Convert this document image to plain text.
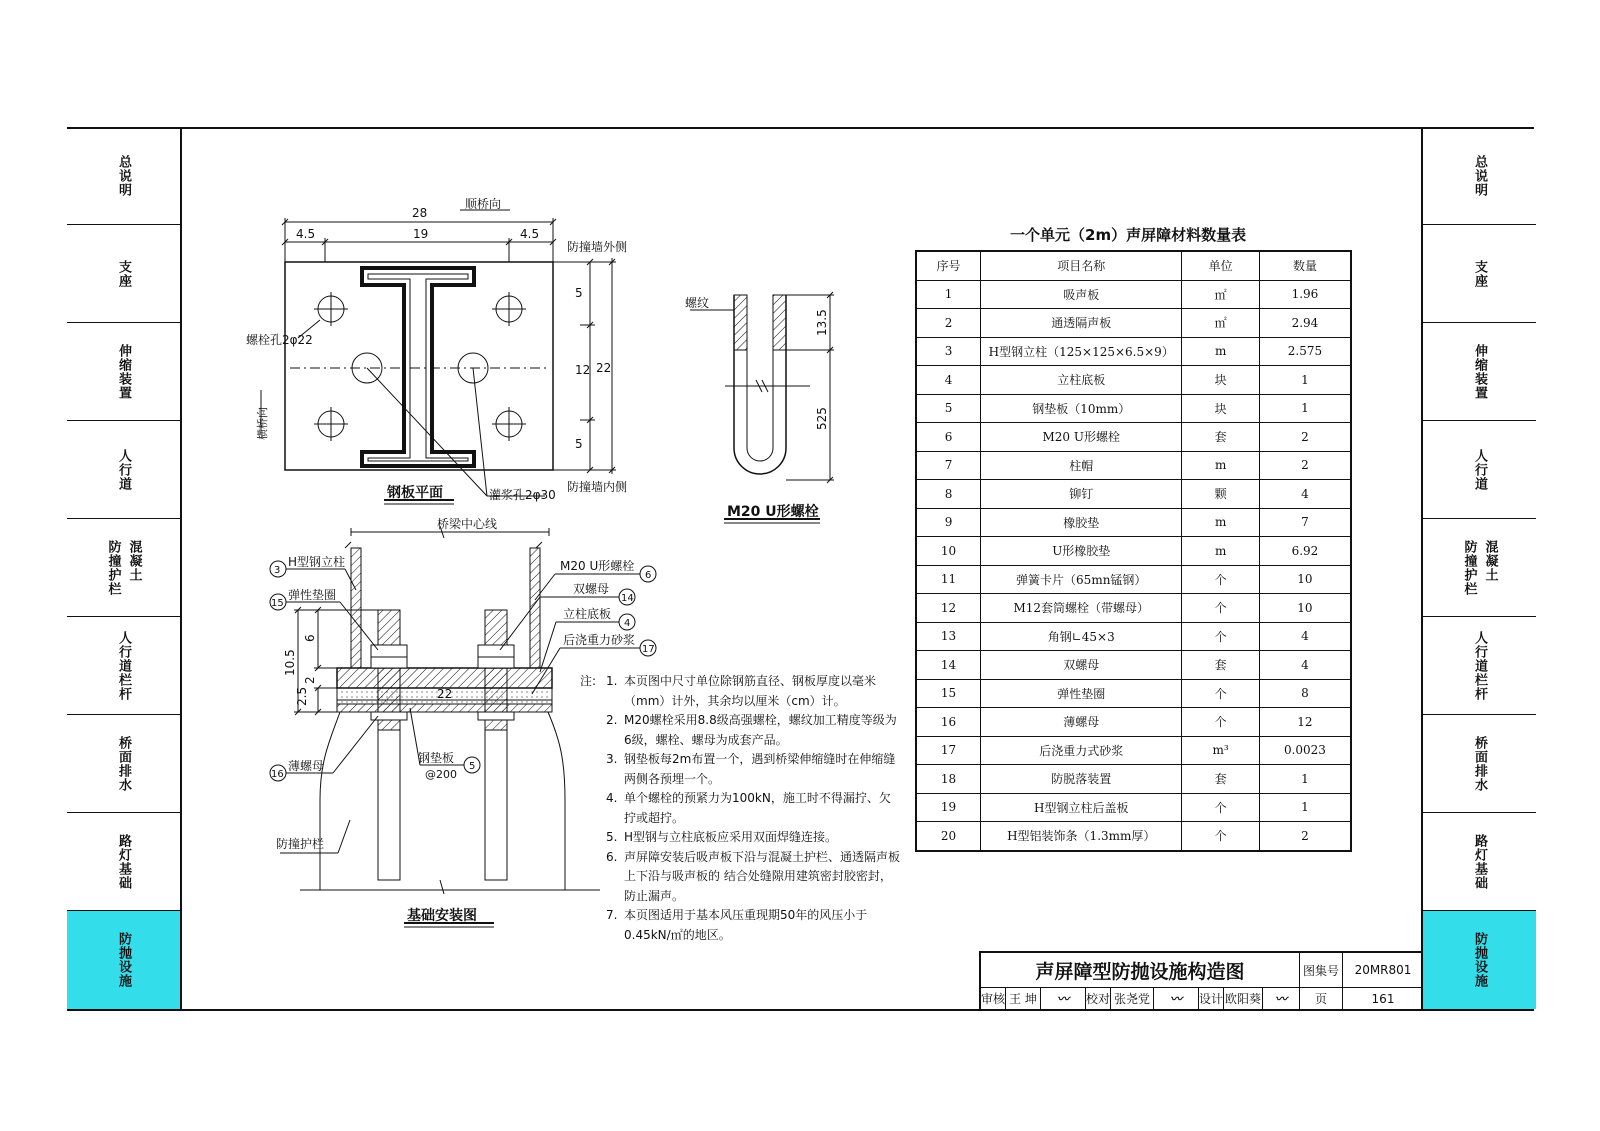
总说明
支座
伸缩装置
人行道
混凝土
防撞护栏
人行道栏杆
桥面排水
路灯基础
防抛设施
总说明
支座
伸缩装置
人行道
混凝土
防撞护栏
人行道栏杆
桥面排水
路灯基础
防抛设施
28
顺桥向
4.5	19	4.5
防撞墙外侧
防撞墙内侧
5
12
5
22
螺栓孔2φ22
灌浆孔2φ30
横桥向
钢板平面
螺纹
13.5
525
M20 U形螺栓
桥梁中心线
10.5
6
2.5
2
22
3
H型钢立柱
15
弹性垫圈
16
薄螺母
6
M20 U形螺栓
14
双螺母
4
立柱底板
17
后浇重力砂浆
5
钢垫板
@200
防撞护栏
基础安装图
一个单元（2m）声屏障材料数量表
序号	项目名称	单位	数量
1	吸声板	㎡	1.96
2	通透隔声板	㎡	2.94
3	H型钢立柱（125×125×6.5×9）	m	2.575
4	立柱底板	块	1
5	钢垫板（10mm）	块	1
6	M20 U形螺栓	套	2
7	柱帽	m	2
8	铆钉	颗	4
9	橡胶垫	m	7
10	U形橡胶垫	m	6.92
11	弹簧卡片（65mn锰钢）	个	10
12	M12套筒螺栓（带螺母）	个	10
13	角钢∟45×3	个	4
14	双螺母	套	4
15	弹性垫圈	个	8
16	薄螺母	个	12
17	后浇重力式砂浆	m³	0.0023
18	防脱落装置	套	1
19	H型钢立柱后盖板	个	1
20	H型铝装饰条（1.3mm厚）	个	2
注: 1. 本页图中尺寸单位除钢筋直径、钢板厚度以毫米（mm）计外，其余均以厘米（cm）计。
2. M20螺栓采用8.8级高强螺栓，螺纹加工精度等级为6级，螺栓、螺母为成套产品。
3. 钢垫板每2m布置一个，遇到桥梁伸缩缝时在伸缩缝两侧各预埋一个。
4. 单个螺栓的预紧力为100kN，施工时不得漏拧、欠拧或超拧。
5. H型钢与立柱底板应采用双面焊缝连接。
6. 声屏障安装后吸声板下沿与混凝土护栏、通透隔声板上下沿与吸声板的 结合处缝隙用建筑密封胶密封，防止漏声。
7. 本页图适用于基本风压重现期50年的风压小于0.45kN/㎡的地区。
声屏障型防抛设施构造图	图集号	20MR801
审核 王 坤	〰	校对 张尧党	〰	设计 欧阳葵	〰	页	161
